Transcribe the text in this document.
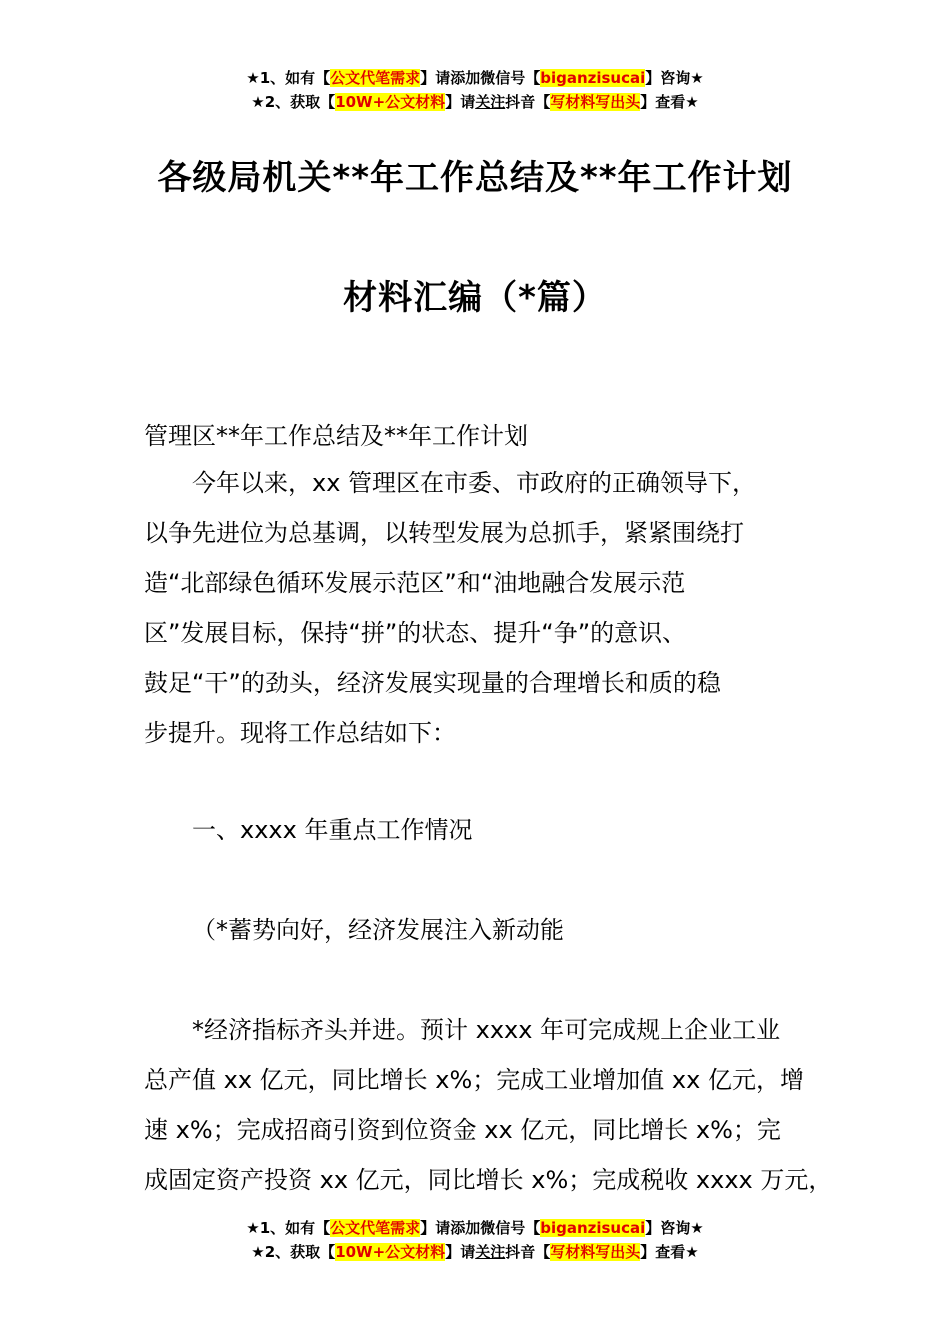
★1、如有【公文代笔需求】请添加微信号【biganzisucai】咨询★
★2、获取【10W+公文材料】请关注抖音【写材料写出头】查看★
各级局机关**年工作总结及**年工作计划
材料汇编（*篇）
管理区**年工作总结及**年工作计划
今年以来，xx 管理区在市委、市政府的正确领导下，
以争先进位为总基调，以转型发展为总抓手，紧紧围绕打
造“北部绿色循环发展示范区”和“油地融合发展示范
区”发展目标，保持“拼”的状态、提升“争”的意识、
鼓足“干”的劲头，经济发展实现量的合理增长和质的稳
步提升。现将工作总结如下：
一、xxxx 年重点工作情况
（*蓄势向好，经济发展注入新动能
*经济指标齐头并进。预计 xxxx 年可完成规上企业工业
总产值 xx 亿元，同比增长 x%；完成工业增加值 xx 亿元，增
速 x%；完成招商引资到位资金 xx 亿元，同比增长 x%；完
成固定资产投资 xx 亿元，同比增长 x%；完成税收 xxxx 万元，
★1、如有【公文代笔需求】请添加微信号【biganzisucai】咨询★
★2、获取【10W+公文材料】请关注抖音【写材料写出头】查看★
